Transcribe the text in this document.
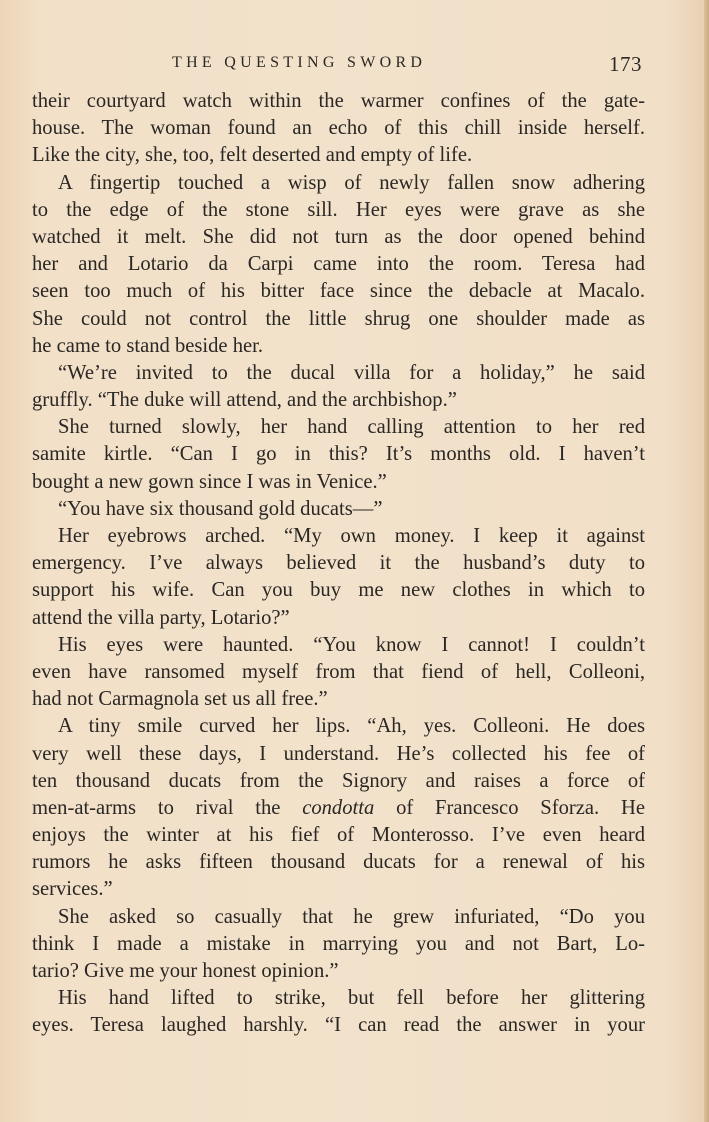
THE QUESTING SWORD	173
their courtyard watch within the warmer confines of the gate-
house. The woman found an echo of this chill inside herself.
Like the city, she, too, felt deserted and empty of life.
A fingertip touched a wisp of newly fallen snow adhering
to the edge of the stone sill. Her eyes were grave as she
watched it melt. She did not turn as the door opened behind
her and Lotario da Carpi came into the room. Teresa had
seen too much of his bitter face since the debacle at Macalo.
She could not control the little shrug one shoulder made as
he came to stand beside her.
“We’re invited to the ducal villa for a holiday,” he said
gruffly. “The duke will attend, and the archbishop.”
She turned slowly, her hand calling attention to her red
samite kirtle. “Can I go in this? It’s months old. I haven’t
bought a new gown since I was in Venice.”
“You have six thousand gold ducats—”
Her eyebrows arched. “My own money. I keep it against
emergency. I’ve always believed it the husband’s duty to
support his wife. Can you buy me new clothes in which to
attend the villa party, Lotario?”
His eyes were haunted. “You know I cannot! I couldn’t
even have ransomed myself from that fiend of hell, Colleoni,
had not Carmagnola set us all free.”
A tiny smile curved her lips. “Ah, yes. Colleoni. He does
very well these days, I understand. He’s collected his fee of
ten thousand ducats from the Signory and raises a force of
men-at-arms to rival the condotta of Francesco Sforza. He
enjoys the winter at his fief of Monterosso. I’ve even heard
rumors he asks fifteen thousand ducats for a renewal of his
services.”
She asked so casually that he grew infuriated, “Do you
think I made a mistake in marrying you and not Bart, Lo-
tario? Give me your honest opinion.”
His hand lifted to strike, but fell before her glittering
eyes. Teresa laughed harshly. “I can read the answer in your
